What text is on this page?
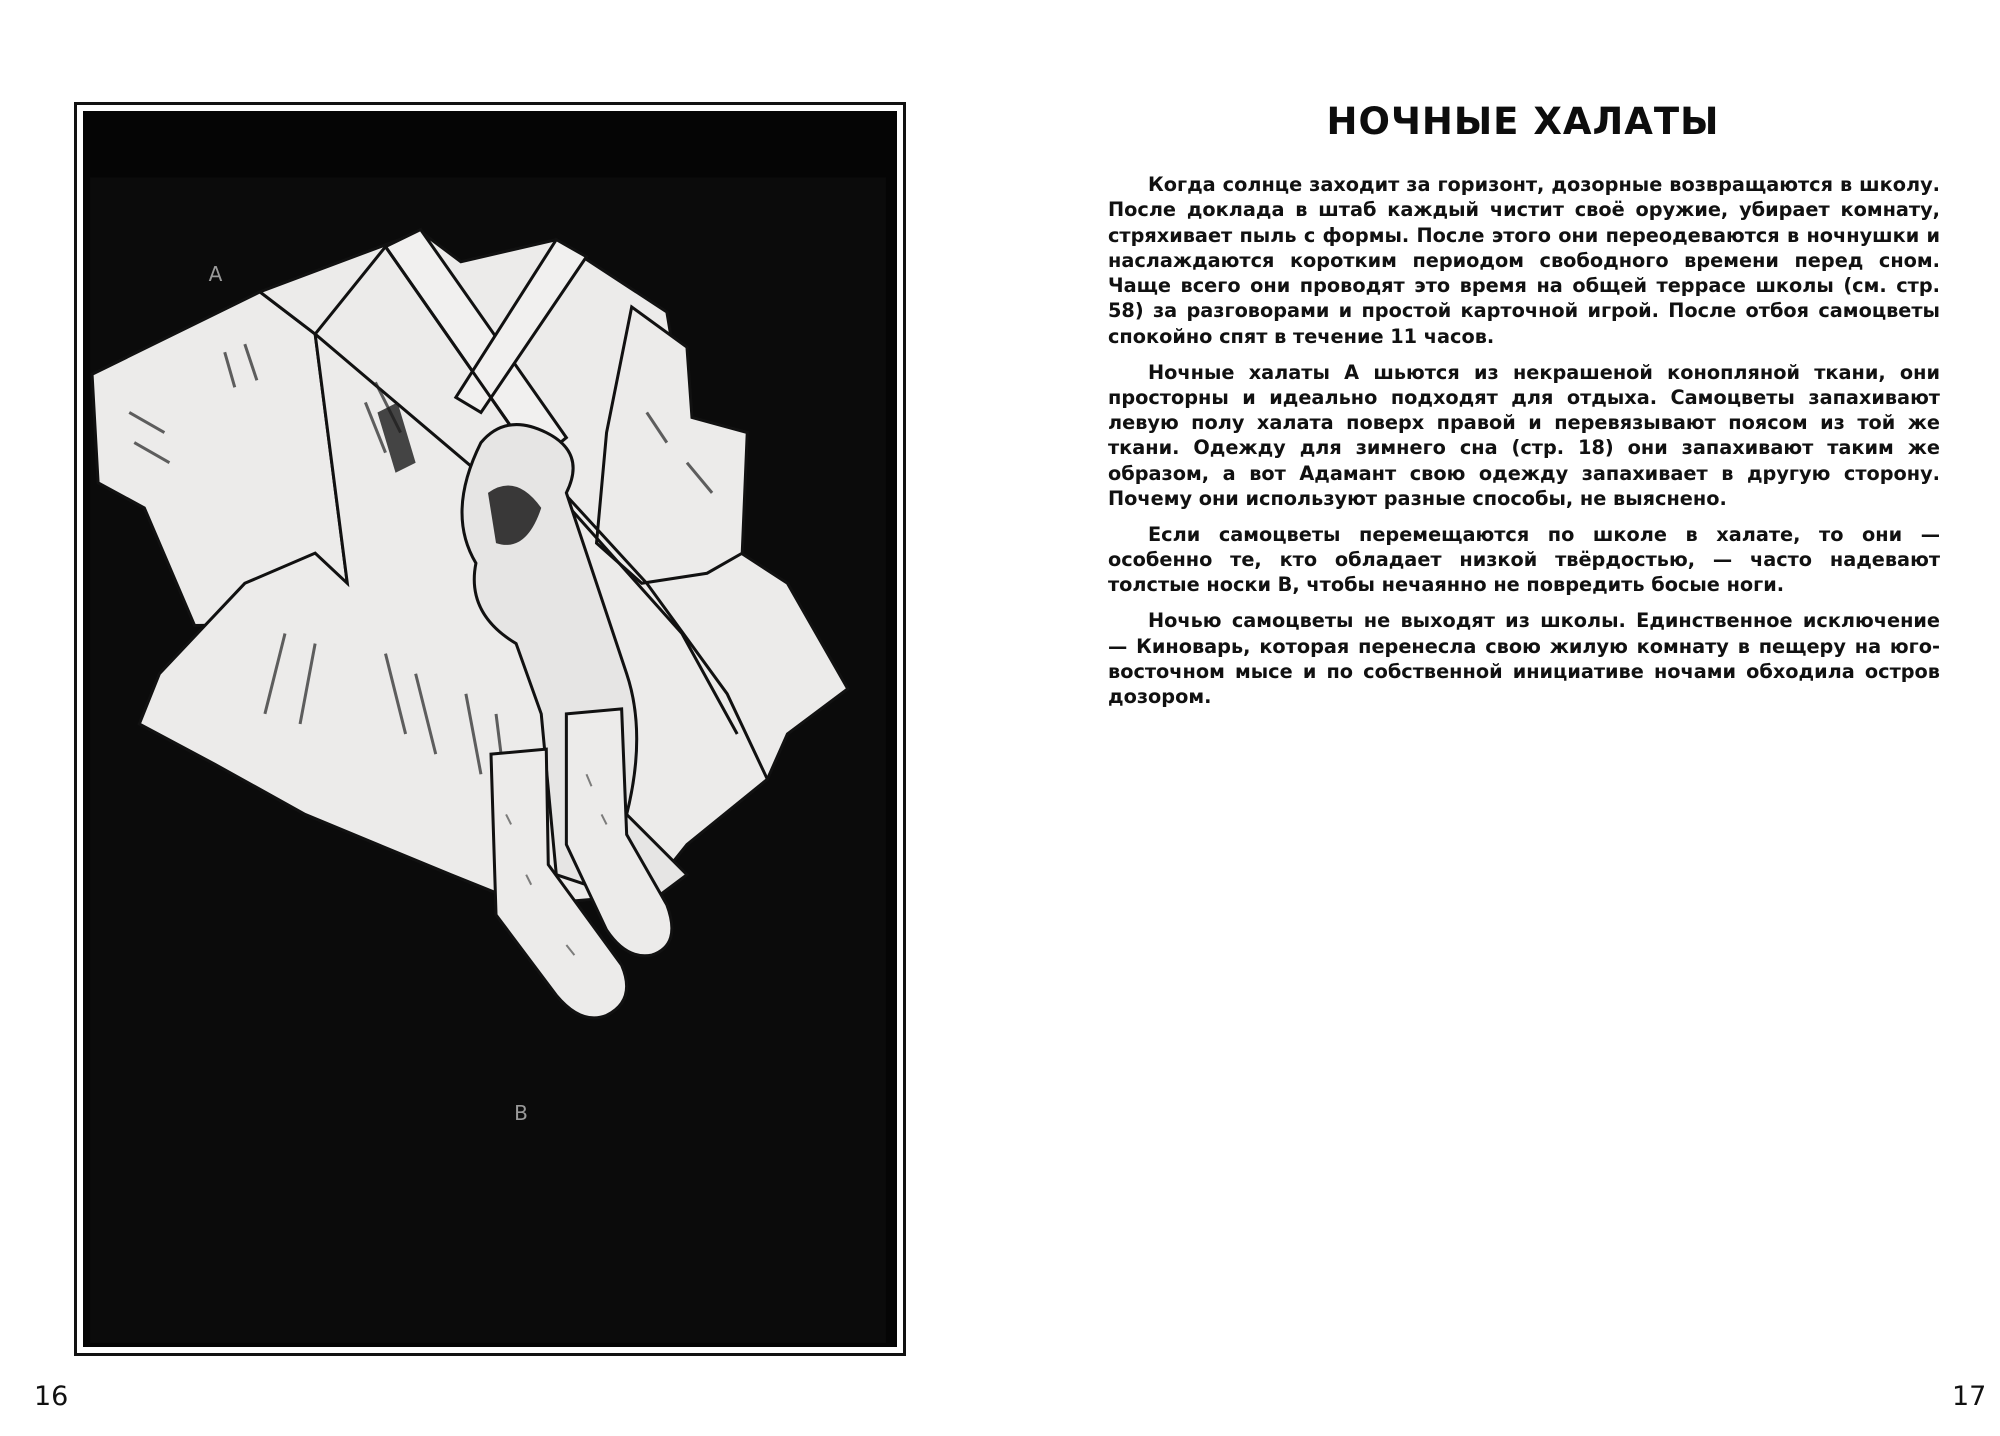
A
B
16
НОЧНЫЕ ХАЛАТЫ

Когда солнце заходит за горизонт, дозорные возвращаются в школу. После доклада в штаб каждый чистит своё оружие, убирает комнату, стряхивает пыль с формы. После этого они переодеваются в ночнушки и наслаждаются коротким периодом свободного времени перед сном. Чаще всего они проводят это время на общей террасе школы (см. стр. 58) за разговорами и простой карточной игрой. После отбоя самоцветы спокойно спят в течение 11 часов.

Ночные халаты А шьются из некрашеной конопляной ткани, они просторны и идеально подходят для отдыха. Самоцветы запахивают левую полу халата поверх правой и перевязывают поясом из той же ткани. Одежду для зимнего сна (стр. 18) они запахивают таким же образом, а вот Адамант свою одежду запахивает в другую сторону. Почему они используют разные способы, не выяснено.

Если самоцветы перемещаются по школе в халате, то они — особенно те, кто обладает низкой твёрдостью, — часто надевают толстые носки В, чтобы нечаянно не повредить босые ноги.

Ночью самоцветы не выходят из школы. Единственное исключение — Киноварь, которая перенесла свою жилую комнату в пещеру на юго-восточном мысе и по собственной инициативе ночами обходила остров дозором.

17
